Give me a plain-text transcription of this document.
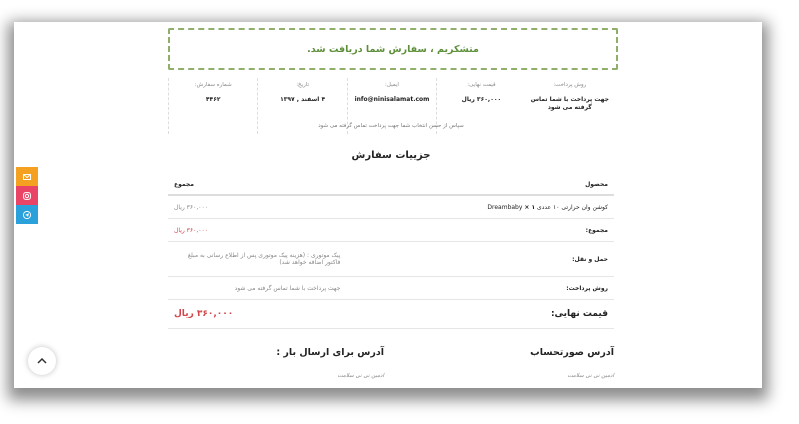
متشکریم ، سفارش شما دریافت شد.
شماره سفارش:
۴۴۶۲
تاریخ:
۴ اسفند , ۱۳۹۷
ایمیل:
info@ninisalamat.com
قیمت نهایی:
۳۶۰,۰۰۰ ریال
روش پرداخت:
جهت پرداخت با شما تماس گرفته می شود
سپاس از حسن انتخاب شما جهت پرداخت تماس گرفته می شود
جزییات سفارش
محصول	مجموع
کوشن وان حرارتی ۱۰ عددی Dreambaby × ۱	۳۶۰,۰۰۰ ریال
مجموع:	۳۶۰,۰۰۰ ریال
حمل و نقل:	پیک موتوری : (هزینه پیک موتوری پس از اطلاع رسانی به مبلغ فاکتور اضافه خواهد شد)
روش پرداخت:	جهت پرداخت با شما تماس گرفته می شود
قیمت نهایی:	۳۶۰,۰۰۰ ریال
آدرس صورتحساب
آدرس برای ارسال بار :
ادمین نی نی سلامت
ادمین نی نی سلامت
